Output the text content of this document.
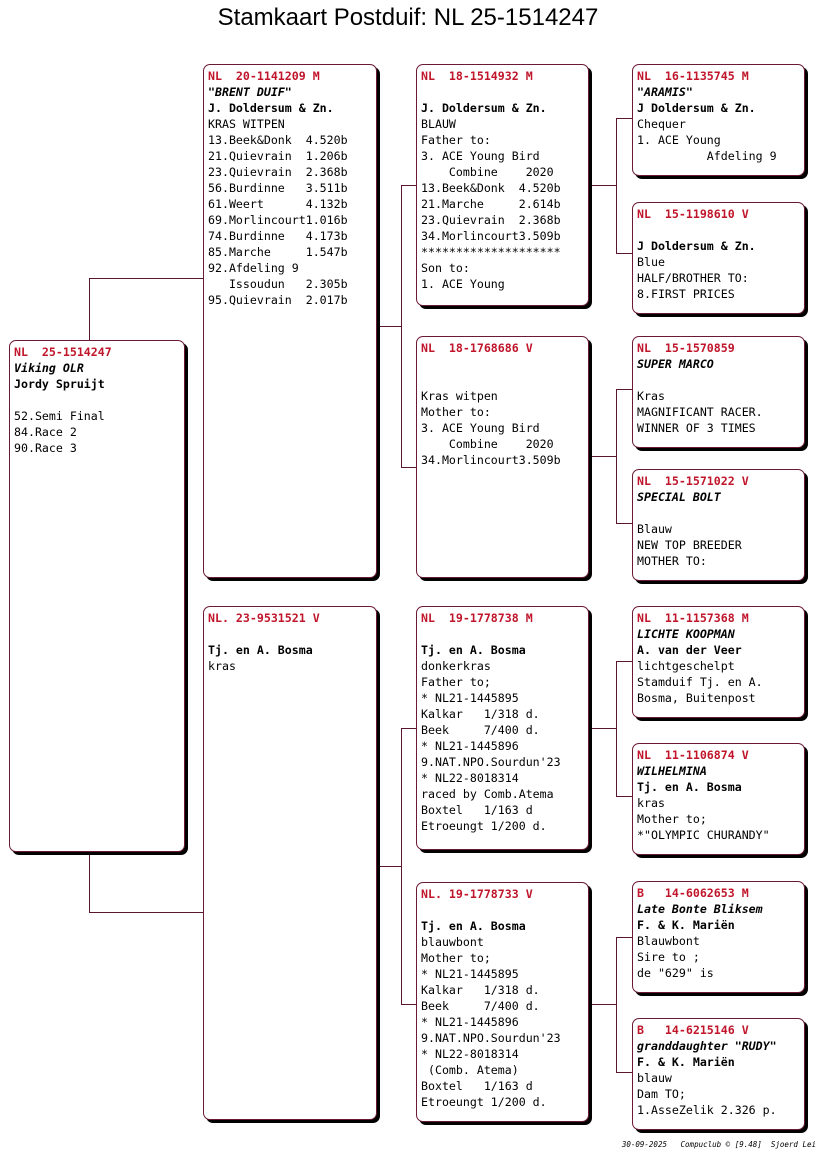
Stamkaart Postduif: NL 25-1514247
NL  25-1514247
Viking OLR
Jordy Spruijt
52.Semi Final
84.Race 2
90.Race 3
NL  20-1141209 M
"BRENT DUIF"
J. Doldersum & Zn.
KRAS WITPEN
13.Beek&Donk  4.520b
21.Quievrain  1.206b
23.Quievrain  2.368b
56.Burdinne   3.511b
61.Weert      4.132b
69.Morlincourt1.016b
74.Burdinne   4.173b
85.Marche     1.547b
92.Afdeling 9
Issoudun   2.305b
95.Quievrain  2.017b
NL. 23-9531521 V
Tj. en A. Bosma
kras
NL  18-1514932 M
J. Doldersum & Zn.
BLAUW
Father to:
3. ACE Young Bird
Combine    2020
13.Beek&Donk  4.520b
21.Marche     2.614b
23.Quievrain  2.368b
34.Morlincourt3.509b
********************
Son to:
1. ACE Young
NL  18-1768686 V
Kras witpen
Mother to:
3. ACE Young Bird
Combine    2020
34.Morlincourt3.509b
NL  19-1778738 M
Tj. en A. Bosma
donkerkras
Father to;
* NL21-1445895
Kalkar   1/318 d.
Beek     7/400 d.
* NL21-1445896
9.NAT.NPO.Sourdun'23
* NL22-8018314
raced by Comb.Atema
Boxtel   1/163 d
Etroeungt 1/200 d.
NL. 19-1778733 V
Tj. en A. Bosma
blauwbont
Mother to;
* NL21-1445895
Kalkar   1/318 d.
Beek     7/400 d.
* NL21-1445896
9.NAT.NPO.Sourdun'23
* NL22-8018314
(Comb. Atema)
Boxtel   1/163 d
Etroeungt 1/200 d.
NL  16-1135745 M
"ARAMIS"
J Doldersum & Zn.
Chequer
1. ACE Young
Afdeling 9
NL  15-1198610 V
J Doldersum & Zn.
Blue
HALF/BROTHER TO:
8.FIRST PRICES
NL  15-1570859
SUPER MARCO
Kras
MAGNIFICANT RACER.
WINNER OF 3 TIMES
NL  15-1571022 V
SPECIAL BOLT
Blauw
NEW TOP BREEDER
MOTHER TO:
NL  11-1157368 M
LICHTE KOOPMAN
A. van der Veer
lichtgeschelpt
Stamduif Tj. en A.
Bosma, Buitenpost
NL  11-1106874 V
WILHELMINA
Tj. en A. Bosma
kras
Mother to;
*"OLYMPIC CHURANDY"
B   14-6062653 M
Late Bonte Bliksem
F. & K. Mariën
Blauwbont
Sire to ;
de "629" is
B   14-6215146 V
granddaughter "RUDY"
F. & K. Mariën
blauw
Dam TO;
1.AsseZelik 2.326 p.
30-09-2025   Compuclub © [9.48]  Sjoerd Lei
